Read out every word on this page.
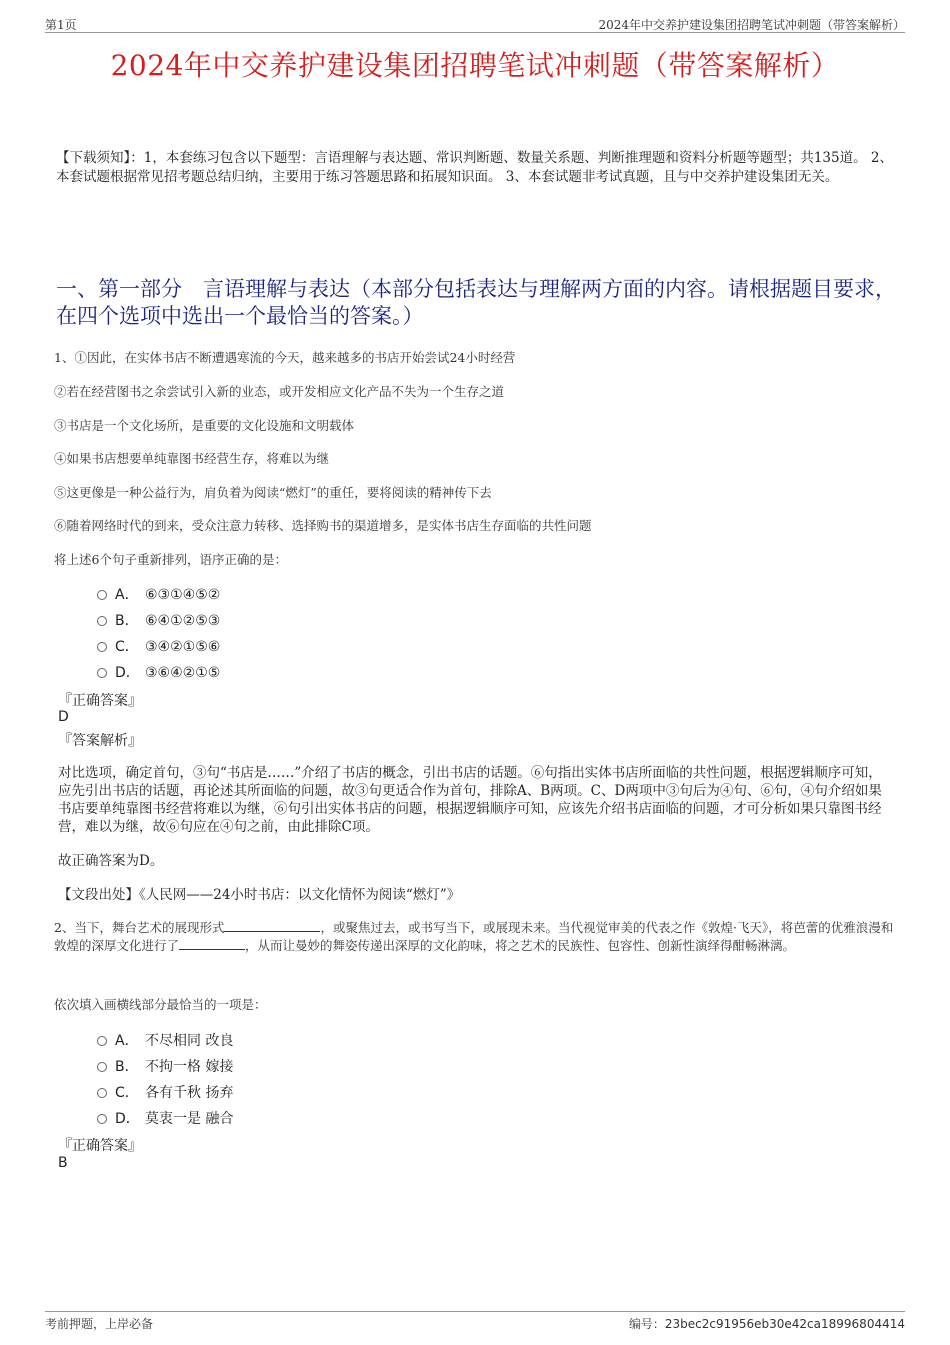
第1页	2024年中交养护建设集团招聘笔试冲刺题（带答案解析）
2024年中交养护建设集团招聘笔试冲刺题（带答案解析）
【下载须知】：1，本套练习包含以下题型：言语理解与表达题、常识判断题、数量关系题、判断推理题和资料分析题等题型；共135道。 2、本套试题根据常见招考题总结归纳，主要用于练习答题思路和拓展知识面。 3、本套试题非考试真题，且与中交养护建设集团无关。
一、第一部分　言语理解与表达（本部分包括表达与理解两方面的内容。请根据题目要求，在四个选项中选出一个最恰当的答案。）
1、①因此，在实体书店不断遭遇寒流的今天，越来越多的书店开始尝试24小时经营
②若在经营图书之余尝试引入新的业态，或开发相应文化产品不失为一个生存之道
③书店是一个文化场所，是重要的文化设施和文明载体
④如果书店想要单纯靠图书经营生存，将难以为继
⑤这更像是一种公益行为，肩负着为阅读“燃灯”的重任，要将阅读的精神传下去
⑥随着网络时代的到来，受众注意力转移、选择购书的渠道增多，是实体书店生存面临的共性问题
将上述6个句子重新排列，语序正确的是：
A． ⑥③①④⑤②
B． ⑥④①②⑤③
C． ③④②①⑤⑥
D． ③⑥④②①⑤
『正确答案』
D
『答案解析』
对比选项，确定首句，③句“书店是……”介绍了书店的概念，引出书店的话题。⑥句指出实体书店所面临的共性问题，根据逻辑顺序可知，应先引出书店的话题，再论述其所面临的问题，故③句更适合作为首句，排除A、B两项。C、D两项中③句后为④句、⑥句，④句介绍如果书店要单纯靠图书经营将难以为继，⑥句引出实体书店的问题，根据逻辑顺序可知，应该先介绍书店面临的问题，才可分析如果只靠图书经营，难以为继，故⑥句应在④句之前，由此排除C项。
故正确答案为D。
【文段出处】《人民网——24小时书店：以文化情怀为阅读“燃灯”》
2、当下，舞台艺术的展现形式	，或聚焦过去，或书写当下，或展现未来。当代视觉审美的代表之作《敦煌·飞天》，将芭蕾的优雅浪漫和敦煌的深厚文化进行了	，从而让曼妙的舞姿传递出深厚的文化韵味，将之艺术的民族性、包容性、创新性演绎得酣畅淋漓。
依次填入画横线部分最恰当的一项是：
A． 不尽相同 改良
B． 不拘一格 嫁接
C． 各有千秋 扬弃
D． 莫衷一是 融合
『正确答案』
B
考前押题，上岸必备	编号：23bec2c91956eb30e42ca18996804414
